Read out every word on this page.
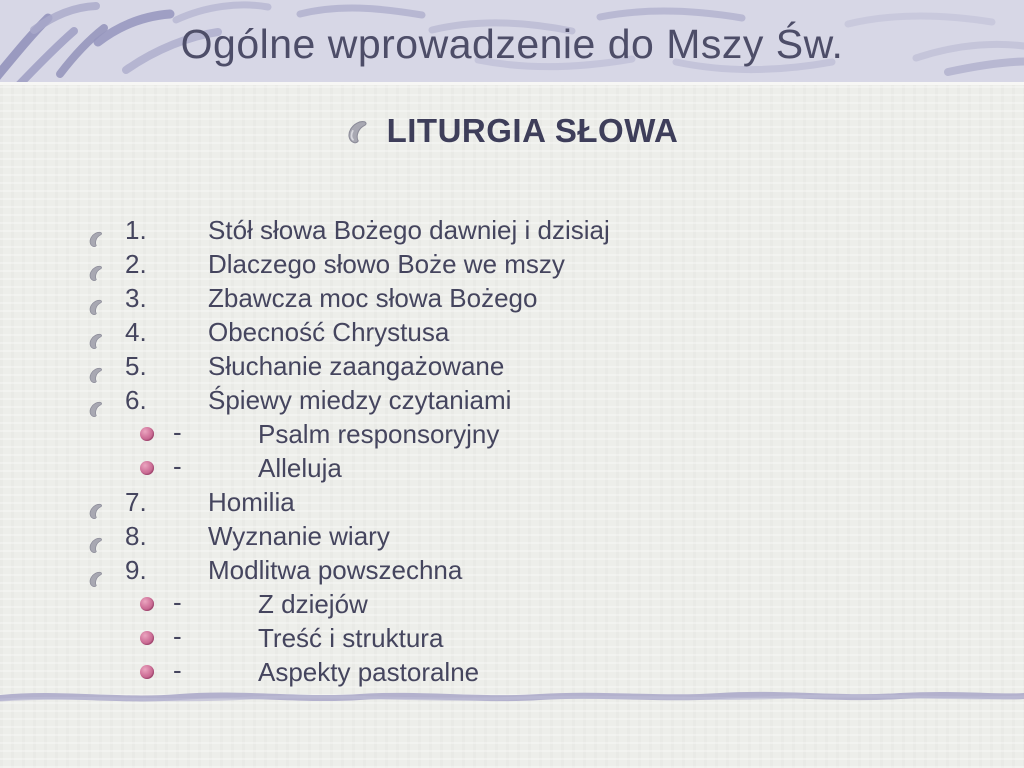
Ogólne wprowadzenie do Mszy Św.
LITURGIA SŁOWA
1. Stół słowa Bożego dawniej i dzisiaj
2. Dlaczego słowo Boże we mszy
3. Zbawcza moc słowa Bożego
4. Obecność Chrystusa
5. Słuchanie zaangażowane
6. Śpiewy miedzy czytaniami
-	Psalm responsoryjny
-	Alleluja
7. Homilia
8. Wyznanie wiary
9. Modlitwa powszechna
-	Z dziejów
-	Treść i struktura
-	Aspekty pastoralne
